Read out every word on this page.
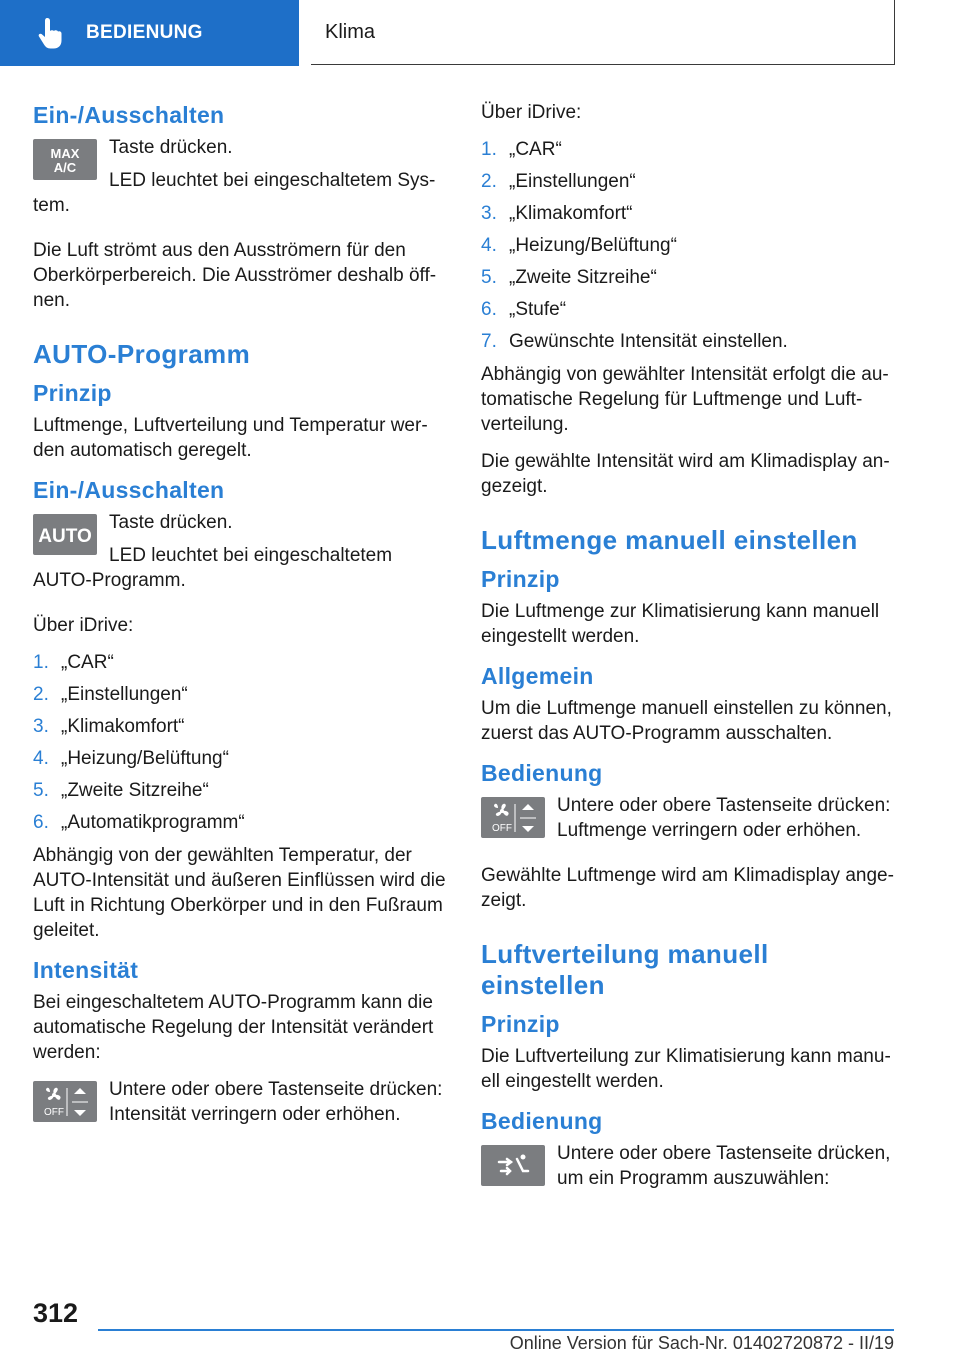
BEDIENUNG	Klima
Ein-/Ausschalten
MAX
A/C

Taste drücken.

LED leuchtet bei eingeschaltetem System.

Die Luft strömt aus den Ausströmern für den Oberkörperbereich. Die Ausströmer deshalb öffnen.

AUTO-Programm
Prinzip

Luftmenge, Luftverteilung und Temperatur werden automatisch geregelt.

Ein-/Ausschalten
AUTO

Taste drücken.

LED leuchtet bei eingeschaltetem AUTO-Programm.

Über iDrive:

1. „CAR“
2. „Einstellungen“
3. „Klimakomfort“
4. „Heizung/Belüftung“
5. „Zweite Sitzreihe“
6. „Automatikprogramm“

Abhängig von der gewählten Temperatur, der AUTO-Intensität und äußeren Einflüssen wird die Luft in Richtung Oberkörper und in den Fußraum geleitet.

Intensität

Bei eingeschaltetem AUTO-Programm kann die automatische Regelung der Intensität verändert werden:

OFF

Untere oder obere Tastenseite drücken: Intensität verringern oder erhöhen.

Über iDrive:

1. „CAR“
2. „Einstellungen“
3. „Klimakomfort“
4. „Heizung/Belüftung“
5. „Zweite Sitzreihe“
6. „Stufe“
7. Gewünschte Intensität einstellen.

Abhängig von gewählter Intensität erfolgt die automatische Regelung für Luftmenge und Luftverteilung.

Die gewählte Intensität wird am Klimadisplay angezeigt.

Luftmenge manuell einstellen
Prinzip

Die Luftmenge zur Klimatisierung kann manuell eingestellt werden.

Allgemein

Um die Luftmenge manuell einstellen zu können, zuerst das AUTO-Programm ausschalten.

Bedienung
OFF

Untere oder obere Tastenseite drücken: Luftmenge verringern oder erhöhen.

Gewählte Luftmenge wird am Klimadisplay angezeigt.

Luftverteilung manuell einstellen
Prinzip

Die Luftverteilung zur Klimatisierung kann manuell eingestellt werden.

Bedienung

Untere oder obere Tastenseite drücken, um ein Programm auszuwählen:

312
Online Version für Sach-Nr. 01402720872 - II/19
